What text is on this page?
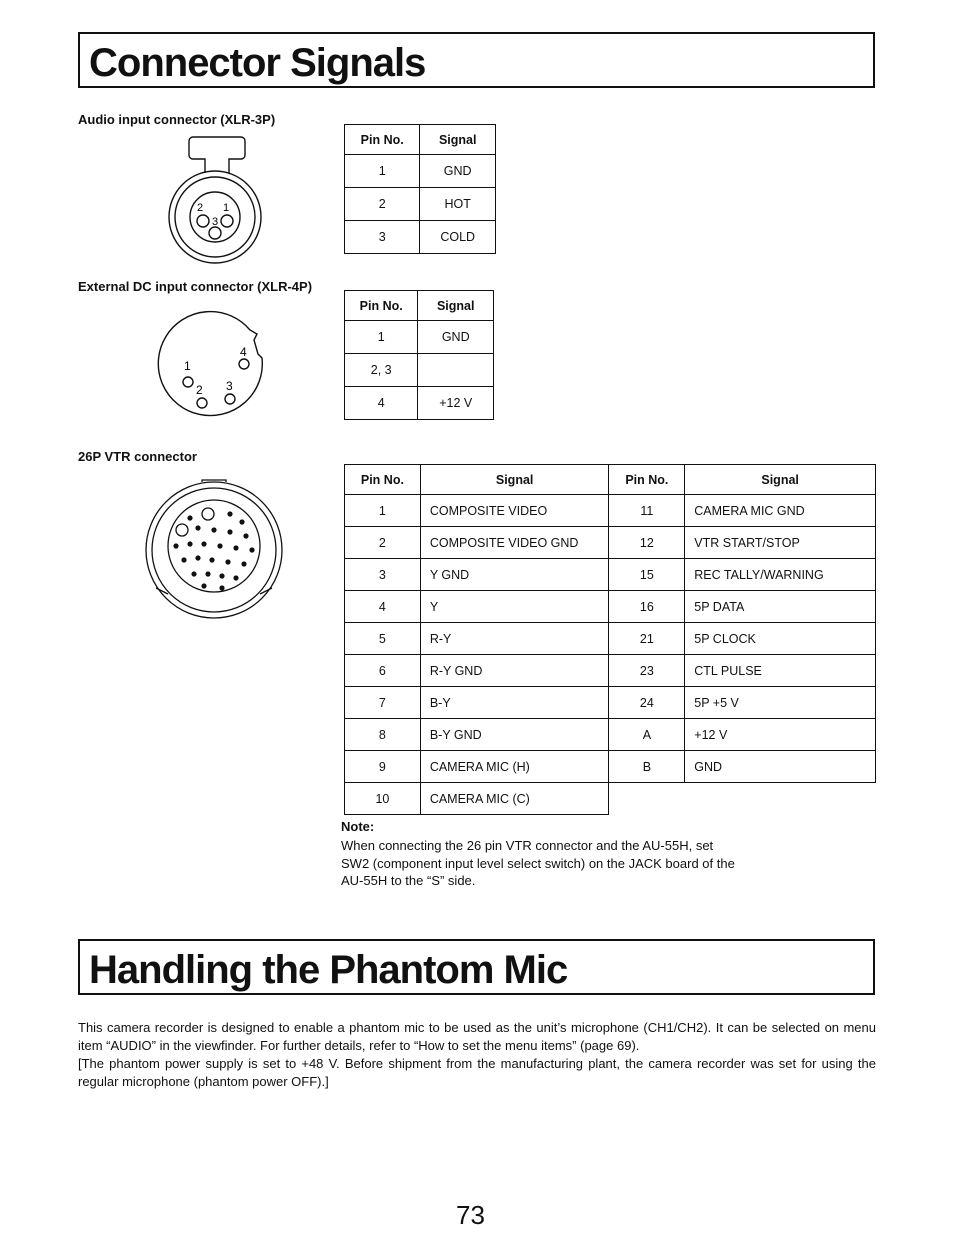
Connector Signals
Audio input connector (XLR-3P)
2 1
3
Pin No.	Signal
1	GND
2	HOT
3	COLD
External DC input connector (XLR-4P)
4
1
2 3
Pin No.	Signal
1	GND
2, 3	
4	+12 V
26P VTR connector
Pin No.	Signal	Pin No.	Signal
1	COMPOSITE VIDEO	11	CAMERA MIC GND
2	COMPOSITE VIDEO GND	12	VTR START/STOP
3	Y GND	15	REC TALLY/WARNING
4	Y	16	5P DATA
5	R-Y	21	5P CLOCK
6	R-Y GND	23	CTL PULSE
7	B-Y	24	5P +5 V
8	B-Y GND	A	+12 V
9	CAMERA MIC (H)	B	GND
10	CAMERA MIC (C)		
Note:
When connecting the 26 pin VTR connector and the AU-55H, set SW2 (component input level select switch) on the JACK board of the AU-55H to the “S” side.
Handling the Phantom Mic
This camera recorder is designed to enable a phantom mic to be used as the unit’s microphone (CH1/CH2). It can be selected on menu item “AUDIO” in the viewfinder. For further details, refer to “How to set the menu items” (page 69).
[The phantom power supply is set to +48 V. Before shipment from the manufacturing plant, the camera recorder was set for using the regular microphone (phantom power OFF).]
73
